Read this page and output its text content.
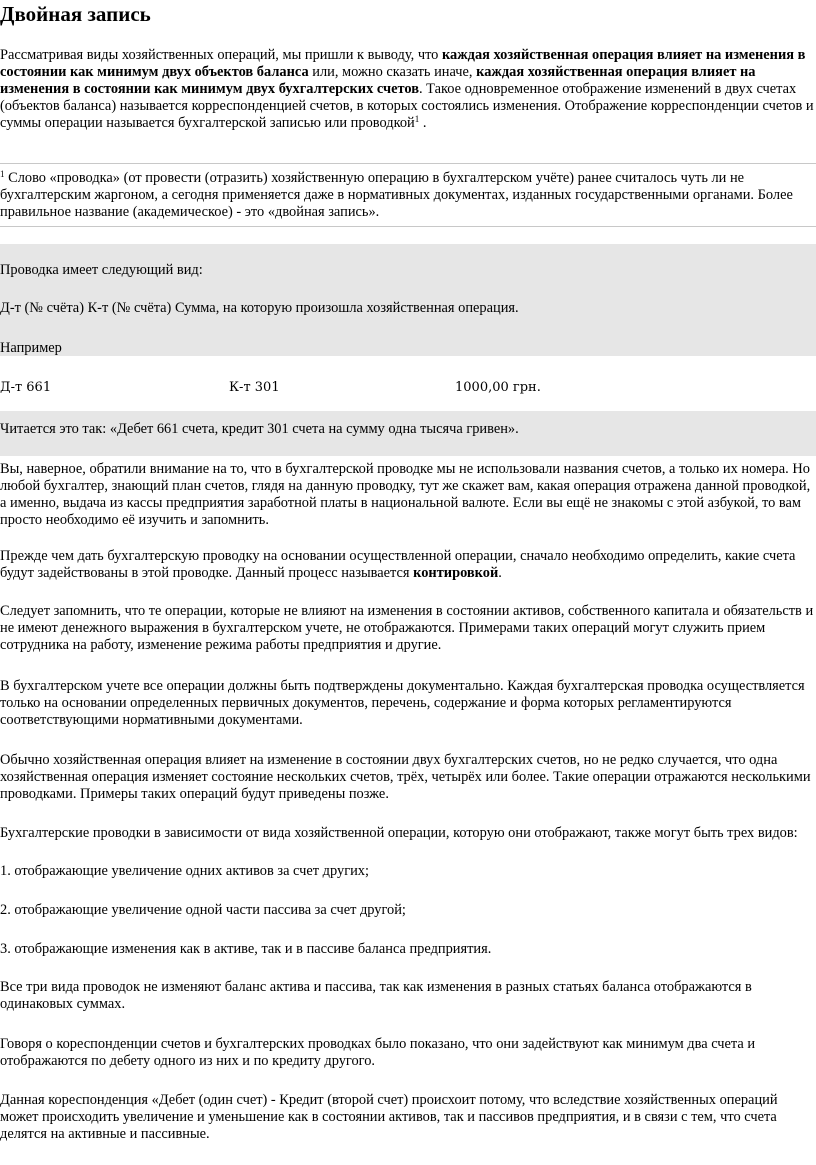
Двойная запись

Рассматривая виды хозяйственных операций, мы пришли к выводу, что каждая хозяйственная операция влияет на изменения в состоянии как минимум двух объектов баланса или, можно сказать иначе, каждая хозяйственная операция влияет на изменения в состоянии как минимум двух бухгалтерских счетов. Такое одновременное отображение изменений в двух счетах (объектов баланса) называется корреспонденцией счетов, в которых состоялись изменения. Отображение корреспонденции счетов и суммы операции называется бухгалтерской записью или проводкой$^1$ .

$^1$ Слово «проводка» (от провести (отразить) хозяйственную операцию в бухгалтерском учёте) ранее считалось чуть ли не бухгалтерским жаргоном, а сегодня применяется даже в нормативных документах, изданных государственными органами. Более правильное название (академическое) - это «двойная запись».

Проводка имеет следующий вид:

Д-т (№ счёта) К-т (№ счёта) Сумма, на которую произошла хозяйственная операция.

Например

Д-т 661	К-т 301	1000,00 грн.

Читается это так: «Дебет 661 счета, кредит 301 счета на сумму одна тысяча гривен».

Вы, наверное, обратили внимание на то, что в бухгалтерской проводке мы не использовали названия счетов, а только их номера. Но любой бухгалтер, знающий план счетов, глядя на данную проводку, тут же скажет вам, какая операция отражена данной проводкой, а именно, выдача из кассы предприятия заработной платы в национальной валюте. Если вы ещё не знакомы с этой азбукой, то вам просто необходимо её изучить и запомнить.

Прежде чем дать бухгалтерскую проводку на основании осуществленной операции, сначало необходимо определить, какие счета будут задействованы в этой проводке. Данный процесс называется контировкой.

Следует запомнить, что те операции, которые не влияют на изменения в состоянии активов, собственного капитала и обязательств и не имеют денежного выражения в бухгалтерском учете, не отображаются. Примерами таких операций могут служить прием сотрудника на работу, изменение режима работы предприятия и другие.

В бухгалтерском учете все операции должны быть подтверждены документально. Каждая бухгалтерская проводка осуществляется только на основании определенных первичных документов, перечень, содержание и форма которых регламентируются соответствующими нормативными документами.

Обычно хозяйственная операция влияет на изменение в состоянии двух бухгалтерских счетов, но не редко случается, что одна хозяйственная операция изменяет состояние нескольких счетов, трёх, четырёх или более. Такие операции отражаются несколькими проводками. Примеры таких операций будут приведены позже.

Бухгалтерские проводки в зависимости от вида хозяйственной операции, которую они отображают, также могут быть трех видов:

1. отображающие увеличение одних активов за счет других;

2. отображающие увеличение одной части пассива за счет другой;

3. отображающие изменения как в активе, так и в пассиве баланса предприятия.

Все три вида проводок не изменяют баланс актива и пассива, так как изменения в разных статьях баланса отображаются в одинаковых суммах.

Говоря о кореспонденции счетов и бухгалтерских проводках было показано, что они задействуют как минимум два счета и отображаются по дебету одного из них и по кредиту другого.

Данная кореспонденция «Дебет (один счет) - Кредит (второй счет) происхоит потому, что вследствие хозяйственных операций может происходить увеличение и уменьшение как в состоянии активов, так и пассивов предприятия, и в связи с тем, что счета делятся на активные и пассивные.
